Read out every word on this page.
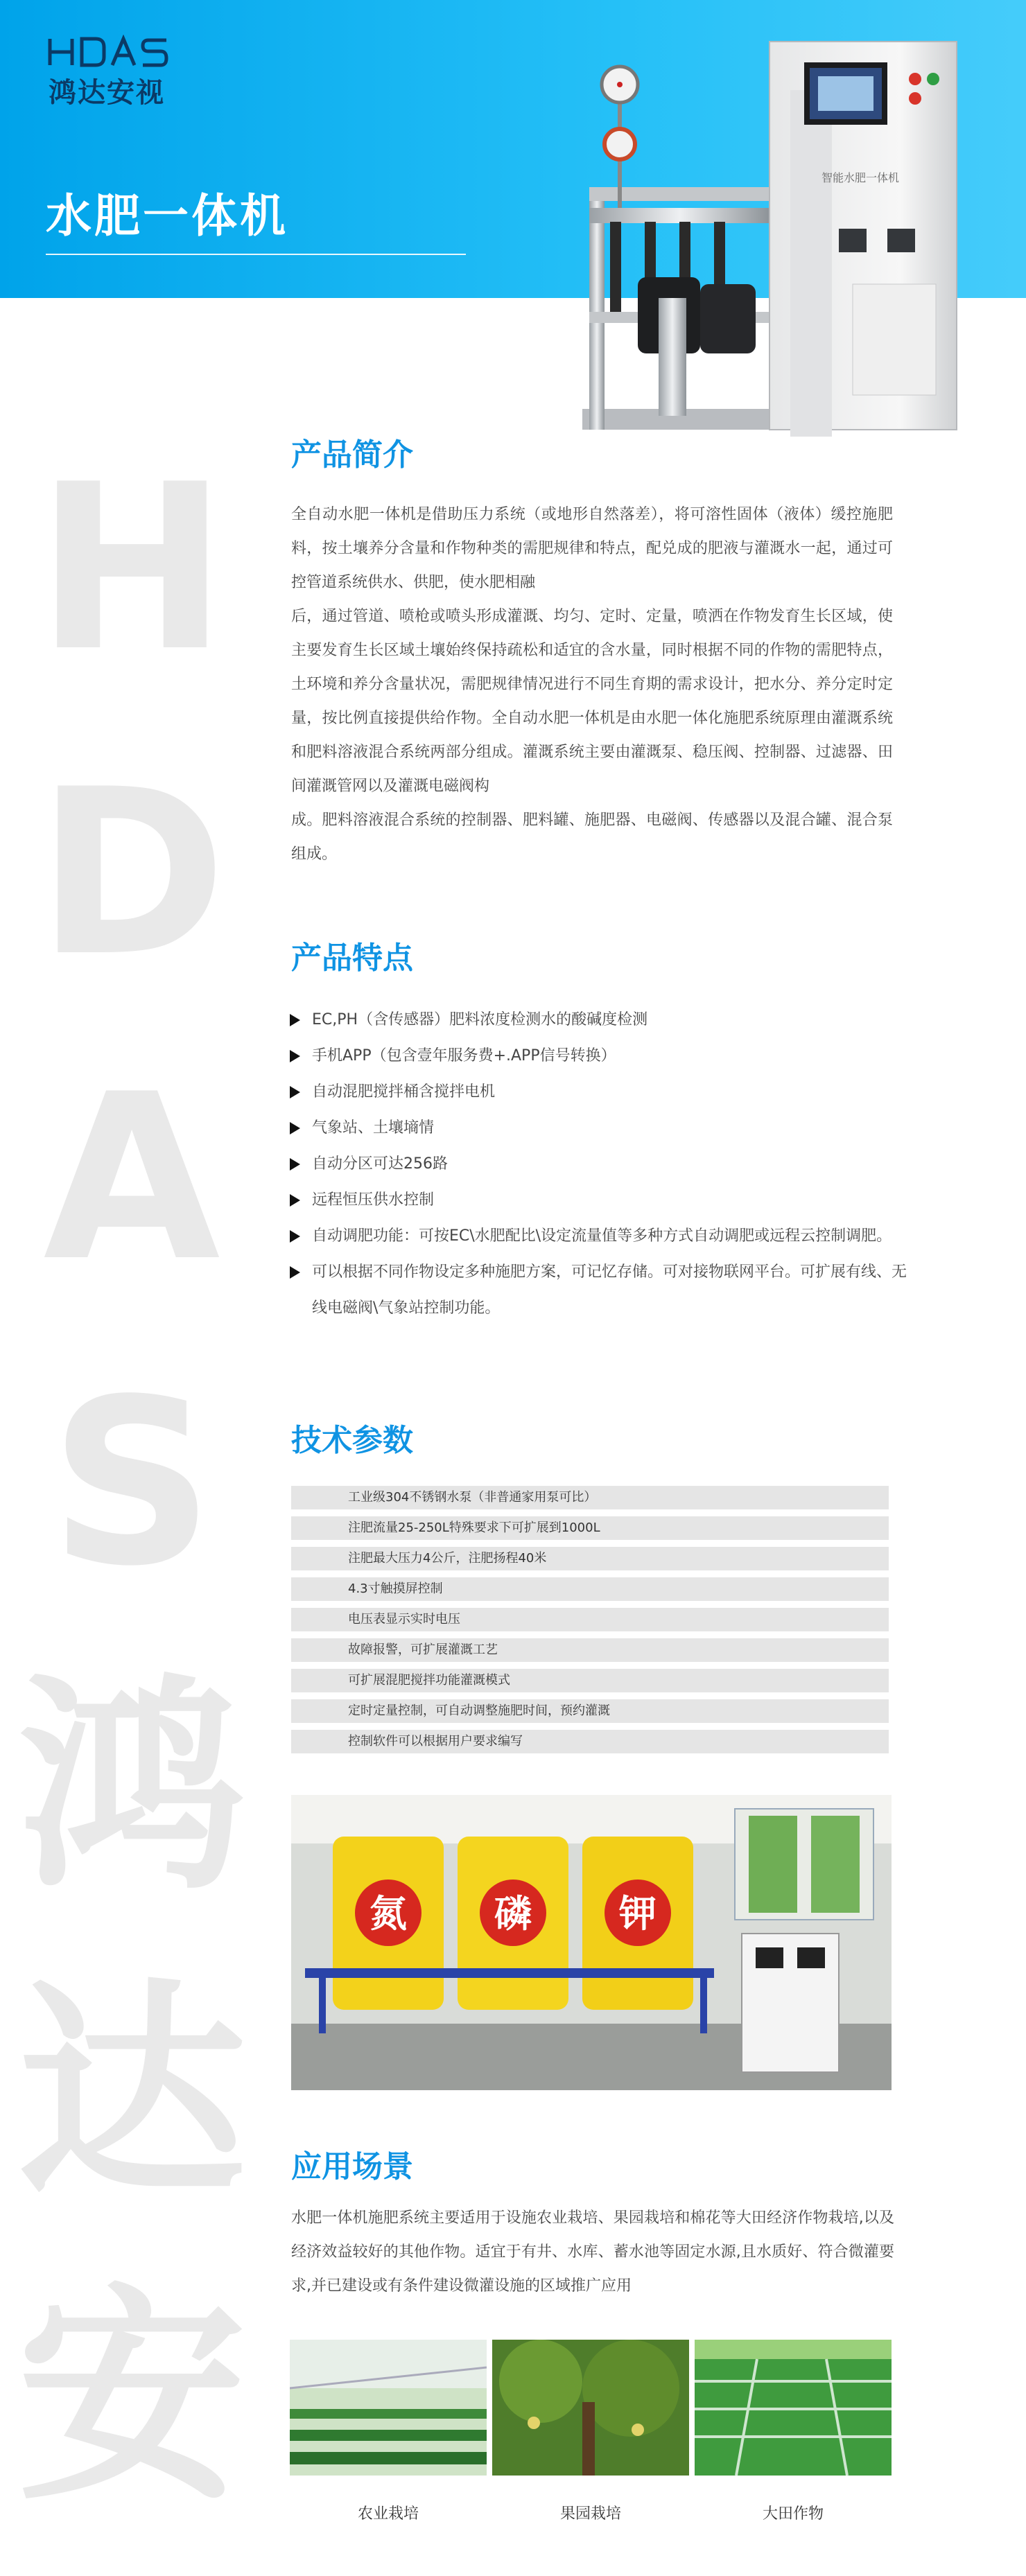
鸿达安视
水肥一体机
智能水肥一体机
H
D
A
S
鸿
达
安
产品简介

全自动水肥一体机是借助压力系统（或地形自然落差），将可溶性固体（液体）缓控施肥料，按土壤养分含量和作物种类的需肥规律和特点，配兑成的肥液与灌溉水一起，通过可控管道系统供水、供肥，使水肥相融

后，通过管道、喷枪或喷头形成灌溉、均匀、定时、定量，喷洒在作物发育生长区域，使主要发育生长区域土壤始终保持疏松和适宜的含水量，同时根据不同的作物的需肥特点，土环境和养分含量状况，需肥规律情况进行不同生育期的需求设计，把水分、养分定时定量，按比例直接提供给作物。全自动水肥一体机是由水肥一体化施肥系统原理由灌溉系统和肥料溶液混合系统两部分组成。灌溉系统主要由灌溉泵、稳压阀、控制器、过滤器、田间灌溉管网以及灌溉电磁阀构

成。肥料溶液混合系统的控制器、肥料罐、施肥器、电磁阀、传感器以及混合罐、混合泵组成。

产品特点
EC,PH（含传感器）肥料浓度检测水的酸碱度检测
手机APP（包含壹年服务费+.APP信号转换）
自动混肥搅拌桶含搅拌电机
气象站、土壤墒情
自动分区可达256路
远程恒压供水控制
自动调肥功能：可按EC\水肥配比\设定流量值等多种方式自动调肥或远程云控制调肥。
可以根据不同作物设定多种施肥方案，可记忆存储。可对接物联网平台。可扩展有线、无线电磁阀\气象站控制功能。
技术参数
工业级304不锈钢水泵（非普通家用泵可比）
注肥流量25-250L特殊要求下可扩展到1000L
注肥最大压力4公斤，注肥扬程40米
4.3寸触摸屏控制
电压表显示实时电压
故障报警，可扩展灌溉工艺
可扩展混肥搅拌功能灌溉模式
定时定量控制，可自动调整施肥时间，预约灌溉
控制软件可以根据用户要求编写
氮 磷 钾
应用场景
水肥一体机施肥系统主要适用于设施农业栽培、果园栽培和棉花等大田经济作物栽培,以及经济效益较好的其他作物。适宜于有井、水库、蓄水池等固定水源,且水质好、符合微灌要求,并已建设或有条件建设微灌设施的区域推广应用
农业栽培	果园栽培	大田作物
